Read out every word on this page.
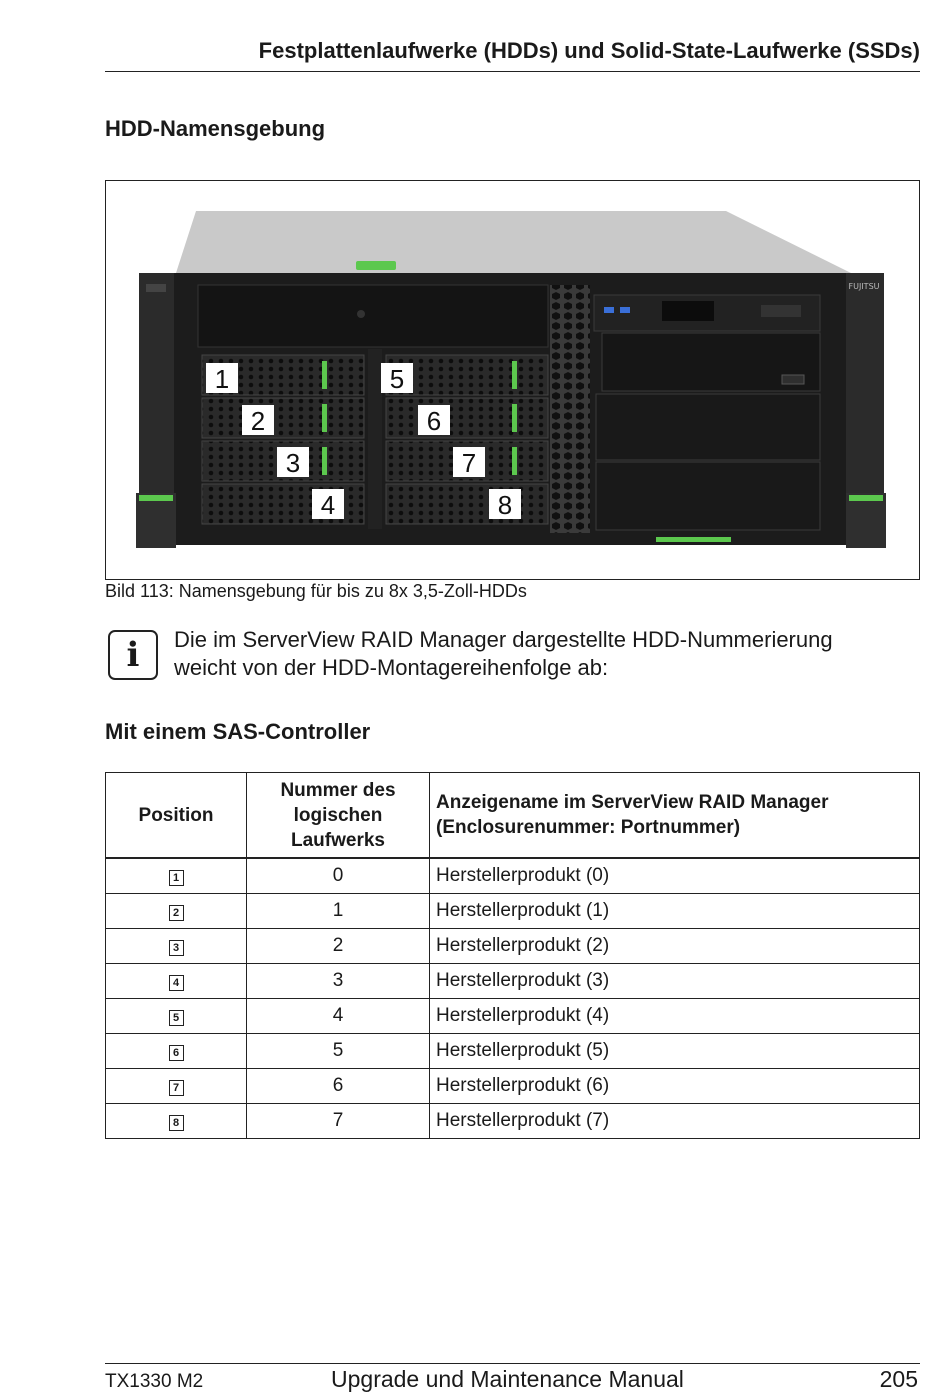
Festplattenlaufwerke (HDDs) und Solid-State-Laufwerke (SSDs)
HDD-Namensgebung
FUJITSU
1
2
3
4
5
6
7
8
Bild 113: Namensgebung für bis zu 8x 3,5-Zoll-HDDs
i	Die im ServerView RAID Manager dargestellte HDD-Nummerierung
weicht von der HDD-Montagereihenfolge ab:
Mit einem SAS-Controller
Position	Nummer des
logischen
Laufwerks	Anzeigename im ServerView RAID Manager
(Enclosurenummer: Portnummer)
1	0	Herstellerprodukt (0)
2	1	Herstellerprodukt (1)
3	2	Herstellerprodukt (2)
4	3	Herstellerprodukt (3)
5	4	Herstellerprodukt (4)
6	5	Herstellerprodukt (5)
7	6	Herstellerprodukt (6)
8	7	Herstellerprodukt (7)
TX1330 M2	Upgrade und Maintenance Manual	205
